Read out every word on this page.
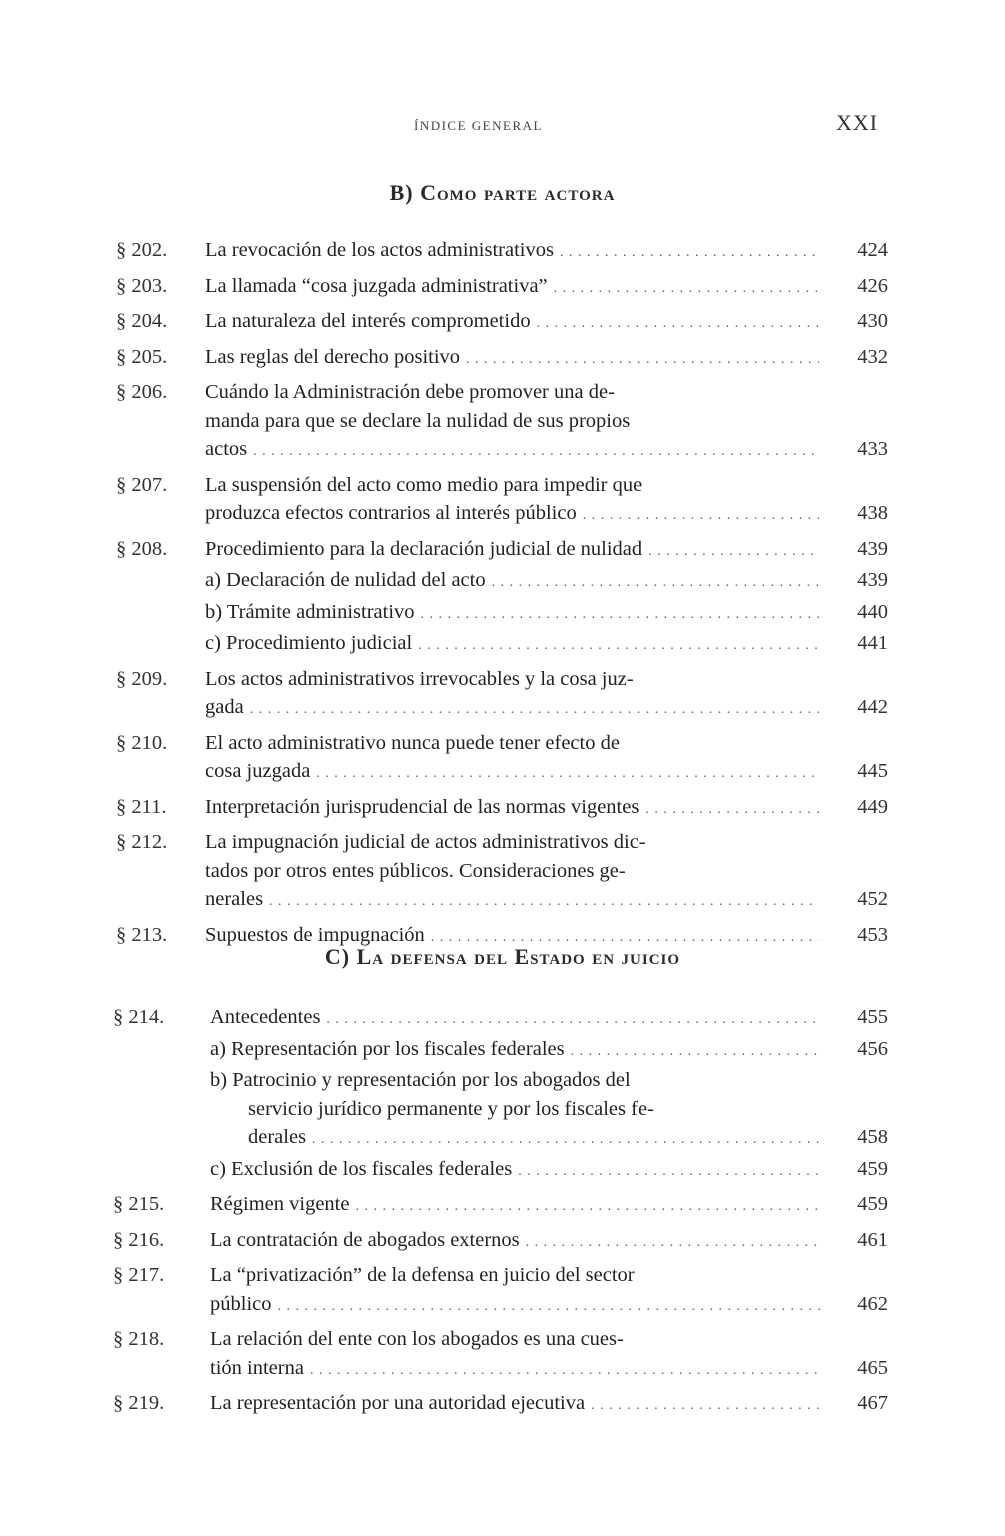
ÍNDICE GENERAL	XXI
B) Como parte actora
§ 202. La revocación de los actos administrativos . . .	424
§ 203. La llamada “cosa juzgada administrativa” . . .	426
§ 204. La naturaleza del interés comprometido . . .	430
§ 205. Las reglas del derecho positivo . . .	432
§ 206. Cuándo la Administración debe promover una de-
manda para que se declare la nulidad de sus propios
actos . . .	433
§ 207. La suspensión del acto como medio para impedir que
produzca efectos contrarios al interés público . . .	438
§ 208. Procedimiento para la declaración judicial de nulidad . . .	439
a) Declaración de nulidad del acto . . .	439
b) Trámite administrativo . . .	440
c) Procedimiento judicial . . .	441
§ 209. Los actos administrativos irrevocables y la cosa juz-
gada . . .	442
§ 210. El acto administrativo nunca puede tener efecto de
cosa juzgada . . .	445
§ 211. Interpretación jurisprudencial de las normas vigentes . . .	449
§ 212. La impugnación judicial de actos administrativos dic-
tados por otros entes públicos. Consideraciones ge-
nerales . . .	452
§ 213. Supuestos de impugnación . . .	453
C) La defensa del Estado en juicio
§ 214. Antecedentes . . .	455
a) Representación por los fiscales federales . . .	456
b) Patrocinio y representación por los abogados del
servicio jurídico permanente y por los fiscales fe-
derales . . .	458
c) Exclusión de los fiscales federales . . .	459
§ 215. Régimen vigente . . .	459
§ 216. La contratación de abogados externos . . .	461
§ 217. La “privatización” de la defensa en juicio del sector
público . . .	462
§ 218. La relación del ente con los abogados es una cues-
tión interna . . .	465
§ 219. La representación por una autoridad ejecutiva . . .	467
